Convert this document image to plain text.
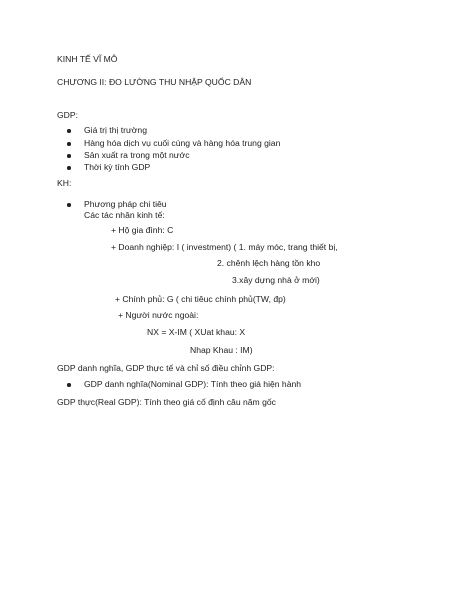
KINH TẾ VĨ MÔ
CHƯƠNG II: ĐO LƯỜNG THU NHẬP QUỐC DÂN
GDP:
Giá trị thị trường
Hàng hóa dịch vụ cuối cùng và hàng hóa trung gian
Sản xuất ra trong một nước
Thời kỳ tính GDP
KH:
Phương pháp chi tiêu
Các tác nhân kinh tế:
+ Hộ gia đình: C
+ Doanh nghiệp: I ( investment) ( 1. máy móc, trang thiết bị,
2. chênh lệch hàng tồn kho
3.xây dựng nhà ở mới)
+ Chính phủ: G ( chi tiêuc chính phủ(TW, đp)
+ Người nước ngoài:
NX = X-IM ( XUat khau: X
Nhap Khau : IM)
GDP danh nghĩa, GDP thực tế và chỉ số điều chỉnh GDP:
GDP danh nghĩa(Nominal GDP): Tính theo giá hiện hành
GDP thực(Real GDP): Tính theo giá cố định câu năm gốc
